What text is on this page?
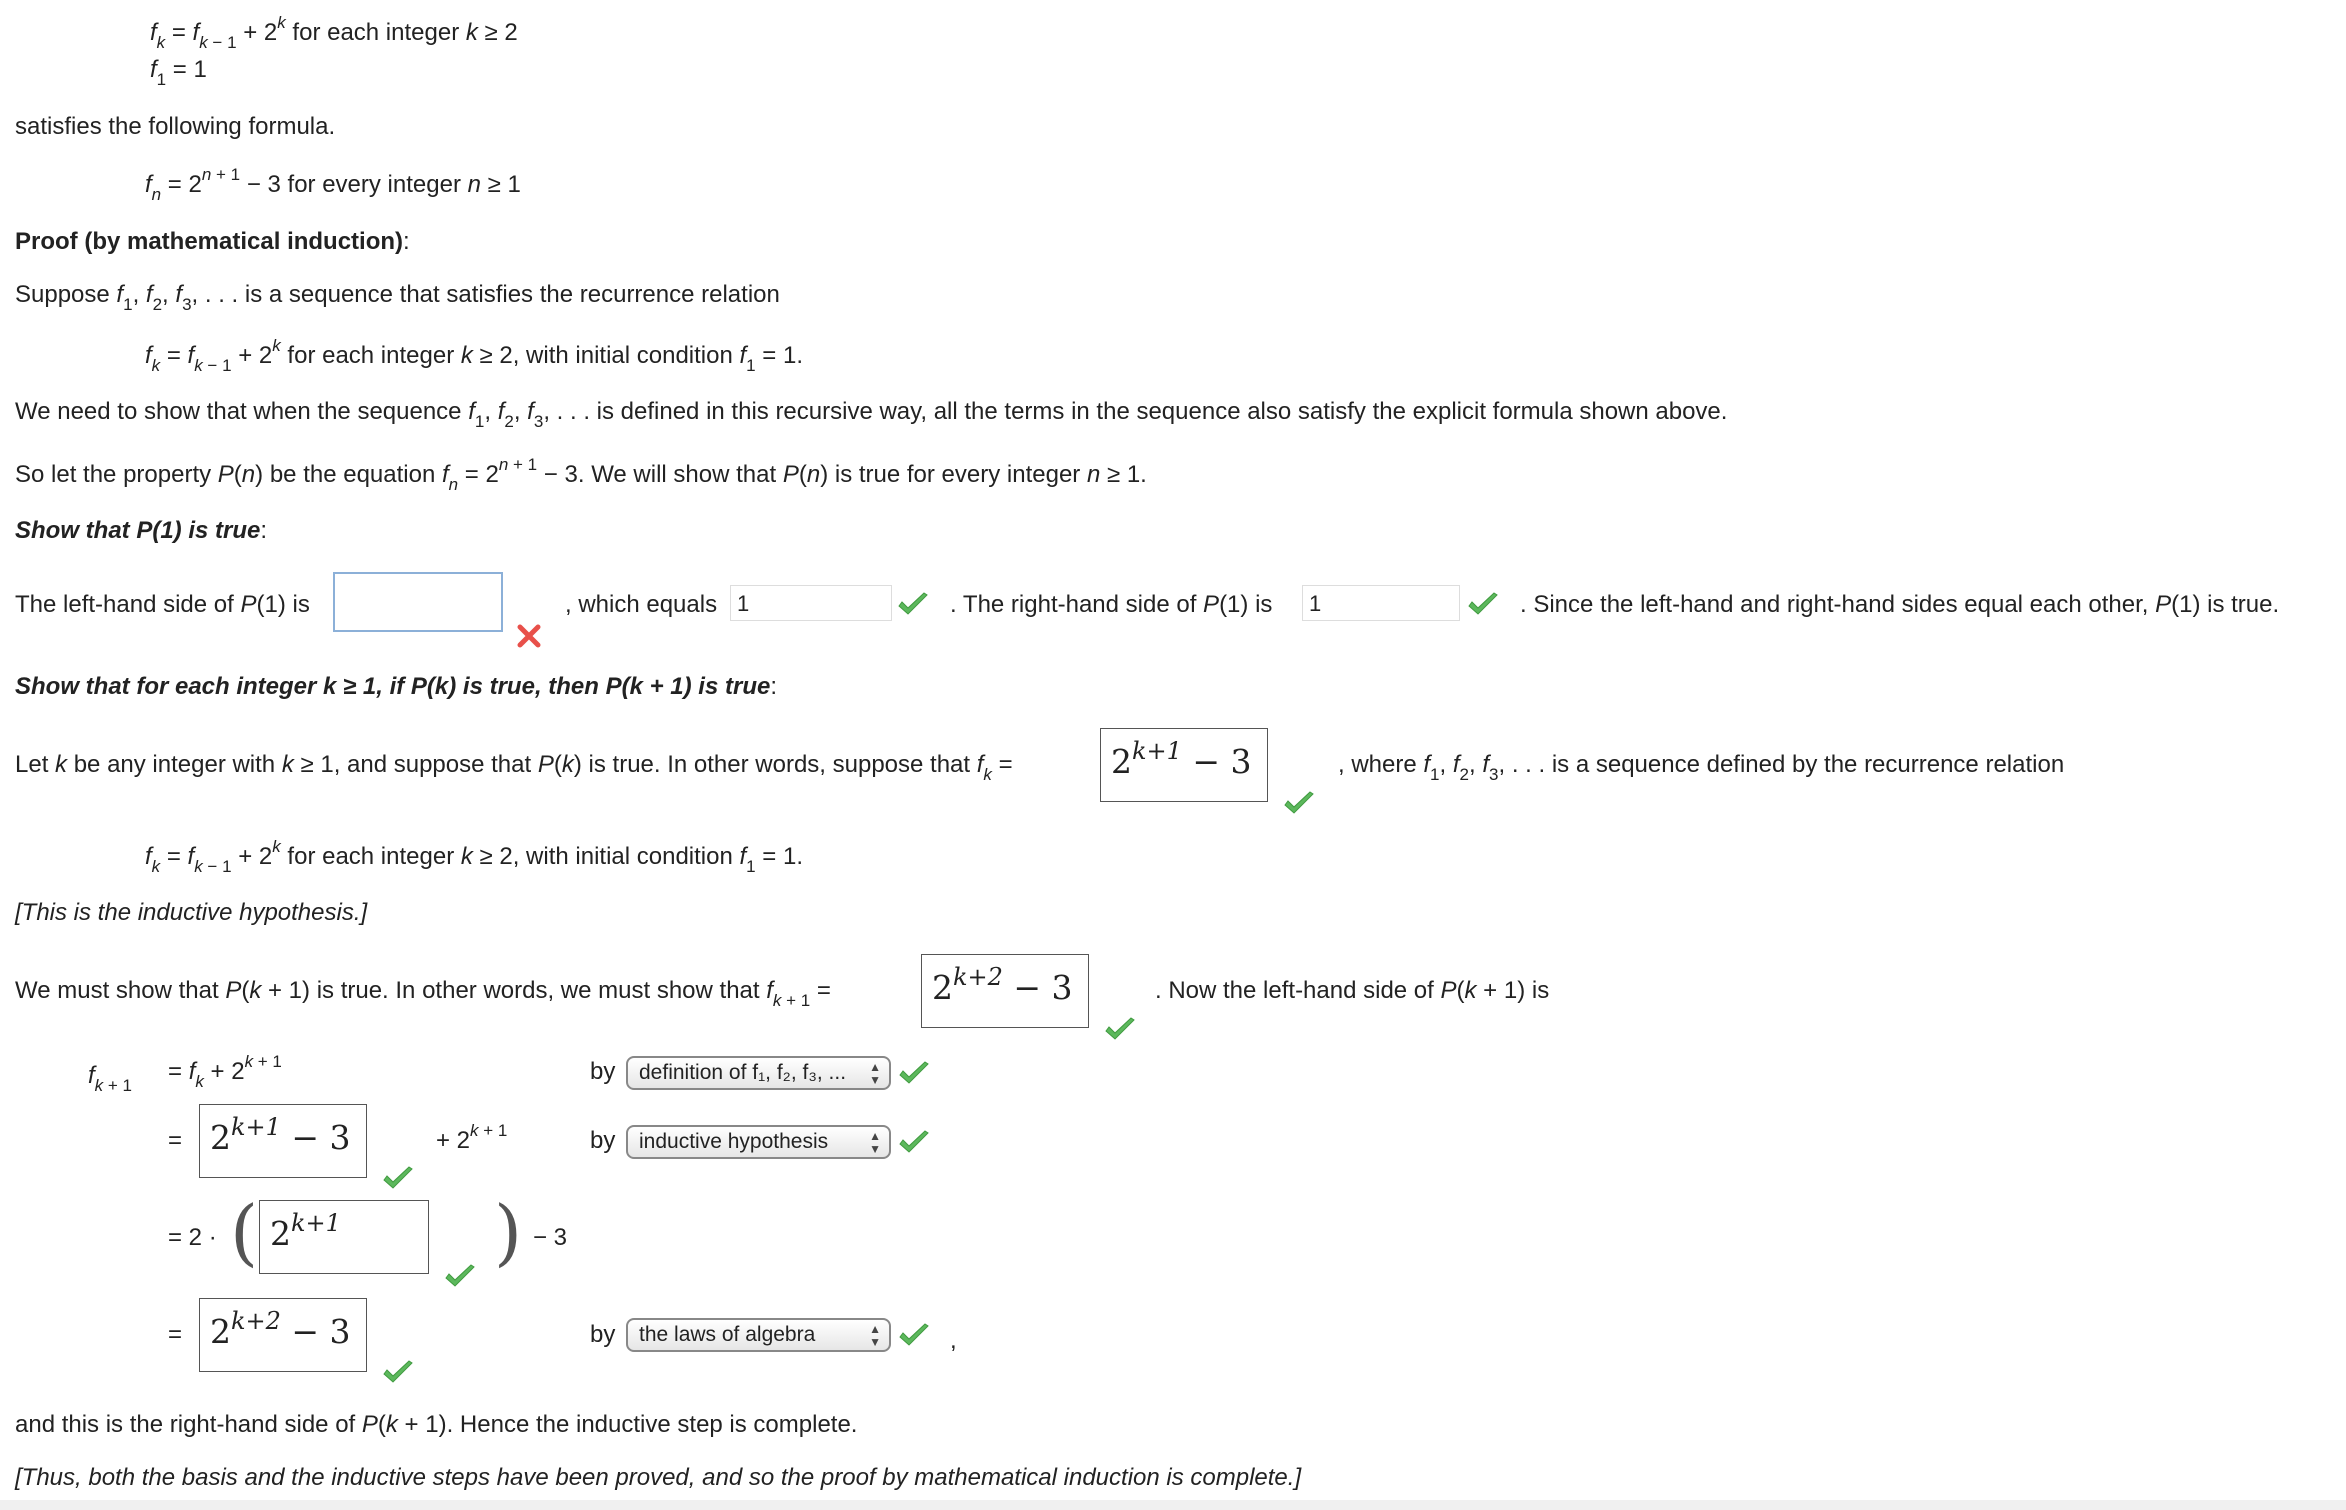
$f_k = f_{k - 1} + 2^k$ for each integer k ≥ 2
$f_1 = 1$
satisfies the following formula.
$f_n = 2^{n + 1} - 3$ for every integer n ≥ 1
Proof (by mathematical induction):
Suppose $f_1$, $f_2$, $f_3$, . . . is a sequence that satisfies the recurrence relation
$f_k = f_{k - 1} + 2^k$ for each integer k ≥ 2, with initial condition $f_1 = 1$.
We need to show that when the sequence $f_1$, $f_2$, $f_3$, . . . is defined in this recursive way, all the terms in the sequence also satisfy the explicit formula shown above.
So let the property P(n) be the equation $f_n = 2^{n + 1} - 3$. We will show that P(n) is true for every integer n ≥ 1.
Show that P(1) is true:
The left-hand side of P(1) is	, which equals 1	. The right-hand side of P(1) is	1	. Since the left-hand and right-hand sides equal each other, P(1) is true.
Show that for each integer k ≥ 1, if P(k) is true, then P(k + 1) is true:
Let k be any integer with k ≥ 1, and suppose that P(k) is true. In other words, suppose that $f_k$ =	$2^{k+1} - 3$	, where $f_1$, $f_2$, $f_3$, . . . is a sequence defined by the recurrence relation
$f_k = f_{k - 1} + 2^k$ for each integer k ≥ 2, with initial condition $f_1 = 1$.
[This is the inductive hypothesis.]
We must show that P(k + 1) is true. In other words, we must show that $f_{k + 1}$ =	$2^{k+2} - 3$	. Now the left-hand side of P(k + 1) is
$f_{k + 1}$
= $f_k + 2^{k + 1}$	by	definition of f₁, f₂, f₃, ... ▲
▼
= $2^{k+1} - 3$	+ $2^{k + 1}$	by	inductive hypothesis	▲
▼
= 2 · ( $2^{k+1}$	) − 3
= $2^{k+2} - 3$	by	the laws of algebra	▲
▼	,
and this is the right-hand side of P(k + 1). Hence the inductive step is complete.
[Thus, both the basis and the inductive steps have been proved, and so the proof by mathematical induction is complete.]
